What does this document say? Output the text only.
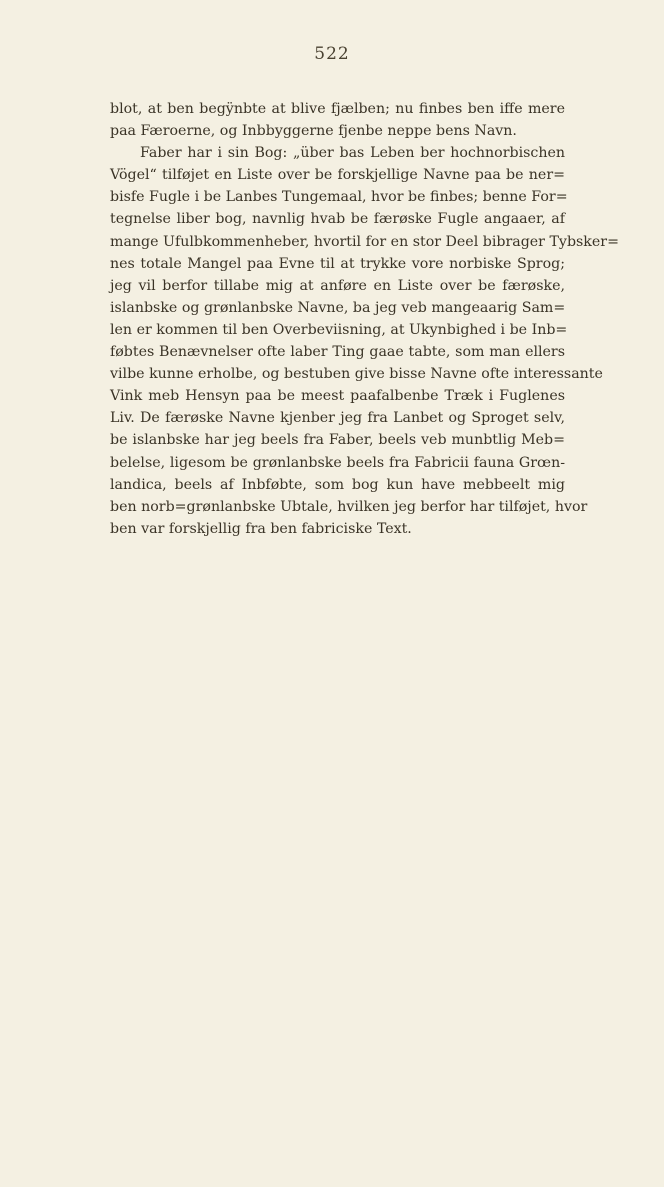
522
blot, at ben begÿnbte at blive fjælben; nu finbes ben iffe mere
paa Færoerne, og Inbbyggerne fjenbe neppe bens Navn.
Faber har i sin Bog: „über bas Leben ber hochnorbischen
Vögel“ tilføjet en Liste over be forskjellige Navne paa be ner=
bisfe Fugle i be Lanbes Tungemaal, hvor be finbes; benne For=
tegnelse liber bog, navnlig hvab be færøske Fugle angaaer, af
mange Ufulbkommenheber, hvortil for en stor Deel bibrager Tybsker=
nes totale Mangel paa Evne til at trykke vore norbiske Sprog;
jeg vil berfor tillabe mig at anføre en Liste over be færøske,
islanbske og grønlanbske Navne, ba jeg veb mangeaarig Sam=
len er kommen til ben Overbeviisning, at Ukynbighed i be Inb=
føbtes Benævnelser ofte laber Ting gaae tabte, som man ellers
vilbe kunne erholbe, og bestuben give bisse Navne ofte interessante
Vink meb Hensyn paa be meest paafalbenbe Træk i Fuglenes
Liv. De færøske Navne kjenber jeg fra Lanbet og Sproget selv,
be islanbske har jeg beels fra Faber, beels veb munbtlig Meb=
belelse, ligesom be grønlanbske beels fra Fabricii fauna Grœn-
landica, beels af Inbføbte, som bog kun have mebbeelt mig
ben norb=grønlanbske Ubtale, hvilken jeg berfor har tilføjet, hvor
ben var forskjellig fra ben fabriciske Text.
